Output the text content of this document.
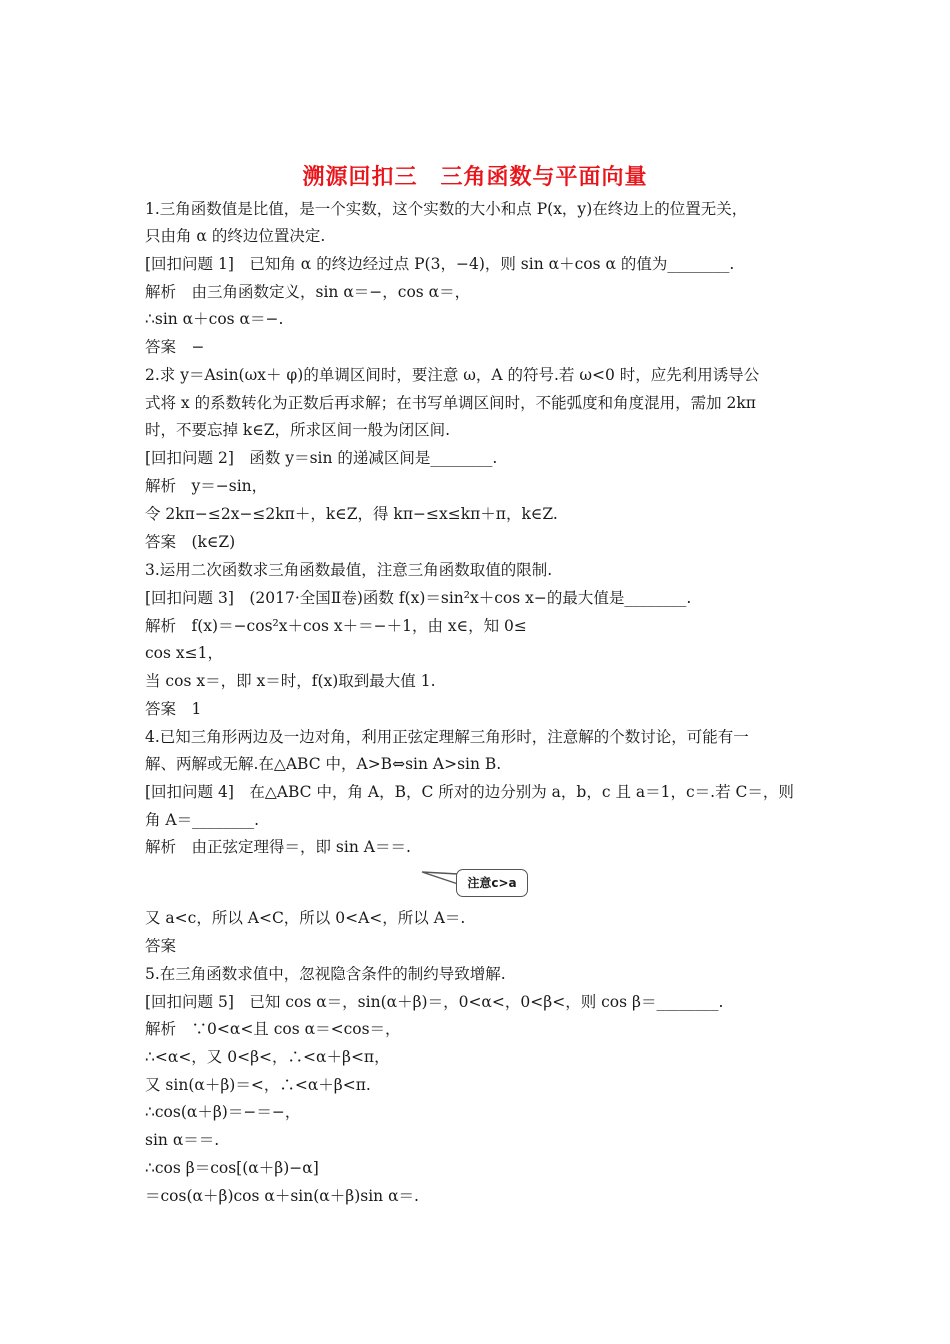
溯源回扣三　三角函数与平面向量
1.三角函数值是比值，是一个实数，这个实数的大小和点 P(x，y)在终边上的位置无关，
只由角 α 的终边位置决定.
[回扣问题 1]　已知角 α 的终边经过点 P(3，−4)，则 sin α＋cos α 的值为________.
解析　由三角函数定义，sin α＝−，cos α＝，
∴sin α＋cos α＝−.
答案　−
2.求 y＝Asin(ωx＋ φ)的单调区间时，要注意 ω，A 的符号.若 ω<0 时，应先利用诱导公
式将 x 的系数转化为正数后再求解；在书写单调区间时，不能弧度和角度混用，需加 2kπ
时，不要忘掉 k∈Z，所求区间一般为闭区间.
[回扣问题 2]　函数 y＝sin 的递减区间是________.
解析　y＝−sin，
令 2kπ−≤2x−≤2kπ＋，k∈Z，得 kπ−≤x≤kπ＋π，k∈Z.
答案　(k∈Z)
3.运用二次函数求三角函数最值，注意三角函数取值的限制.
[回扣问题 3]　(2017·全国Ⅱ卷)函数 f(x)＝sin²x＋cos x−的最大值是________.
解析　f(x)＝−cos²x＋cos x＋＝−＋1，由 x∈，知 0≤
cos x≤1，
当 cos x＝，即 x＝时，f(x)取到最大值 1.
答案　1
4.已知三角形两边及一边对角，利用正弦定理解三角形时，注意解的个数讨论，可能有一
解、两解或无解.在△ABC 中，A>B⇔sin A>sin B.
[回扣问题 4]　在△ABC 中，角 A，B，C 所对的边分别为 a，b，c 且 a＝1，c＝.若 C＝，则
角 A＝________.
解析　由正弦定理得＝，即 sin A＝＝.
又 a<c，所以 A<C，所以 0<A<，所以 A＝.
答案
5.在三角函数求值中，忽视隐含条件的制约导致增解.
[回扣问题 5]　已知 cos α＝，sin(α＋β)＝，0<α<，0<β<，则 cos β＝________.
解析　∵0<α<且 cos α＝<cos＝，
∴<α<，又 0<β<，∴<α＋β<π，
又 sin(α＋β)＝<，∴<α＋β<π.
∴cos(α＋β)＝−＝−，
sin α＝＝.
∴cos β＝cos[(α＋β)−α]
＝cos(α＋β)cos α＋sin(α＋β)sin α＝.
注意c>a
